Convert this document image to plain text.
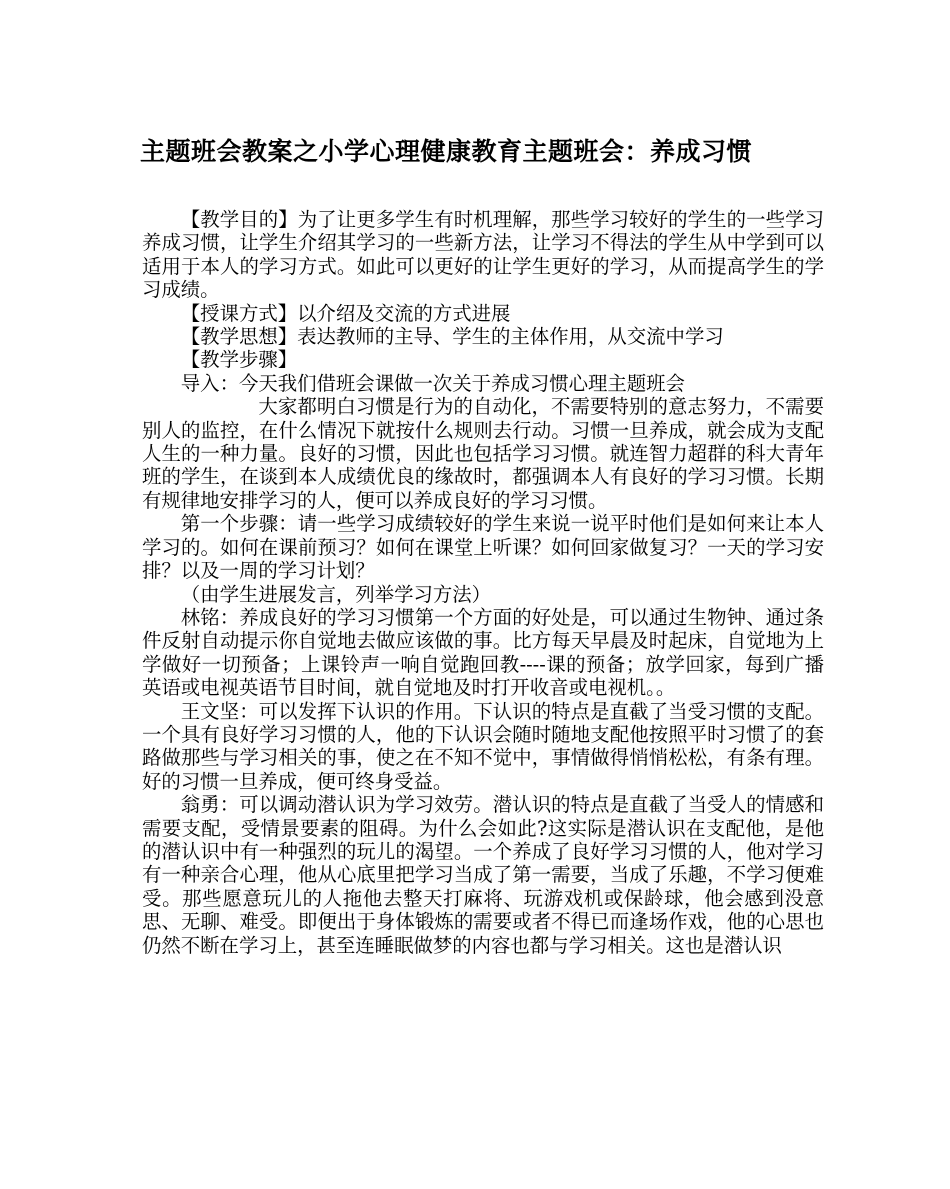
主题班会教案之小学心理健康教育主题班会：养成习惯

【教学目的】为了让更多学生有时机理解，那些学习较好的学生的一些学习养成习惯，让学生介绍其学习的一些新方法，让学习不得法的学生从中学到可以适用于本人的学习方式。如此可以更好的让学生更好的学习，从而提高学生的学习成绩。

【授课方式】以介绍及交流的方式进展

【教学思想】表达教师的主导、学生的主体作用，从交流中学习

【教学步骤】

导入：今天我们借班会课做一次关于养成习惯心理主题班会

大家都明白习惯是行为的自动化，不需要特别的意志努力，不需要别人的监控，在什么情况下就按什么规则去行动。习惯一旦养成，就会成为支配人生的一种力量。良好的习惯，因此也包括学习习惯。就连智力超群的科大青年班的学生，在谈到本人成绩优良的缘故时，都强调本人有良好的学习习惯。长期有规律地安排学习的人，便可以养成良好的学习习惯。

第一个步骤：请一些学习成绩较好的学生来说一说平时他们是如何来让本人学习的。如何在课前预习？如何在课堂上听课？如何回家做复习？一天的学习安排？以及一周的学习计划？

（由学生进展发言，列举学习方法）

林铭：养成良好的学习习惯第一个方面的好处是，可以通过生物钟、通过条件反射自动提示你自觉地去做应该做的事。比方每天早晨及时起床，自觉地为上学做好一切预备；上课铃声一响自觉跑回教----课的预备；放学回家，每到广播英语或电视英语节目时间，就自觉地及时打开收音或电视机。。

王文坚：可以发挥下认识的作用。下认识的特点是直截了当受习惯的支配。一个具有良好学习习惯的人，他的下认识会随时随地支配他按照平时习惯了的套路做那些与学习相关的事，使之在不知不觉中，事情做得悄悄松松，有条有理。好的习惯一旦养成，便可终身受益。

翁勇：可以调动潜认识为学习效劳。潜认识的特点是直截了当受人的情感和需要支配，受情景要素的阻碍。为什么会如此?这实际是潜认识在支配他，是他的潜认识中有一种强烈的玩儿的渴望。一个养成了良好学习习惯的人，他对学习有一种亲合心理，他从心底里把学习当成了第一需要，当成了乐趣，不学习便难受。那些愿意玩儿的人拖他去整天打麻将、玩游戏机或保龄球，他会感到没意思、无聊、难受。即便出于身体锻炼的需要或者不得已而逢场作戏，他的心思也仍然不断在学习上，甚至连睡眠做梦的内容也都与学习相关。这也是潜认识
